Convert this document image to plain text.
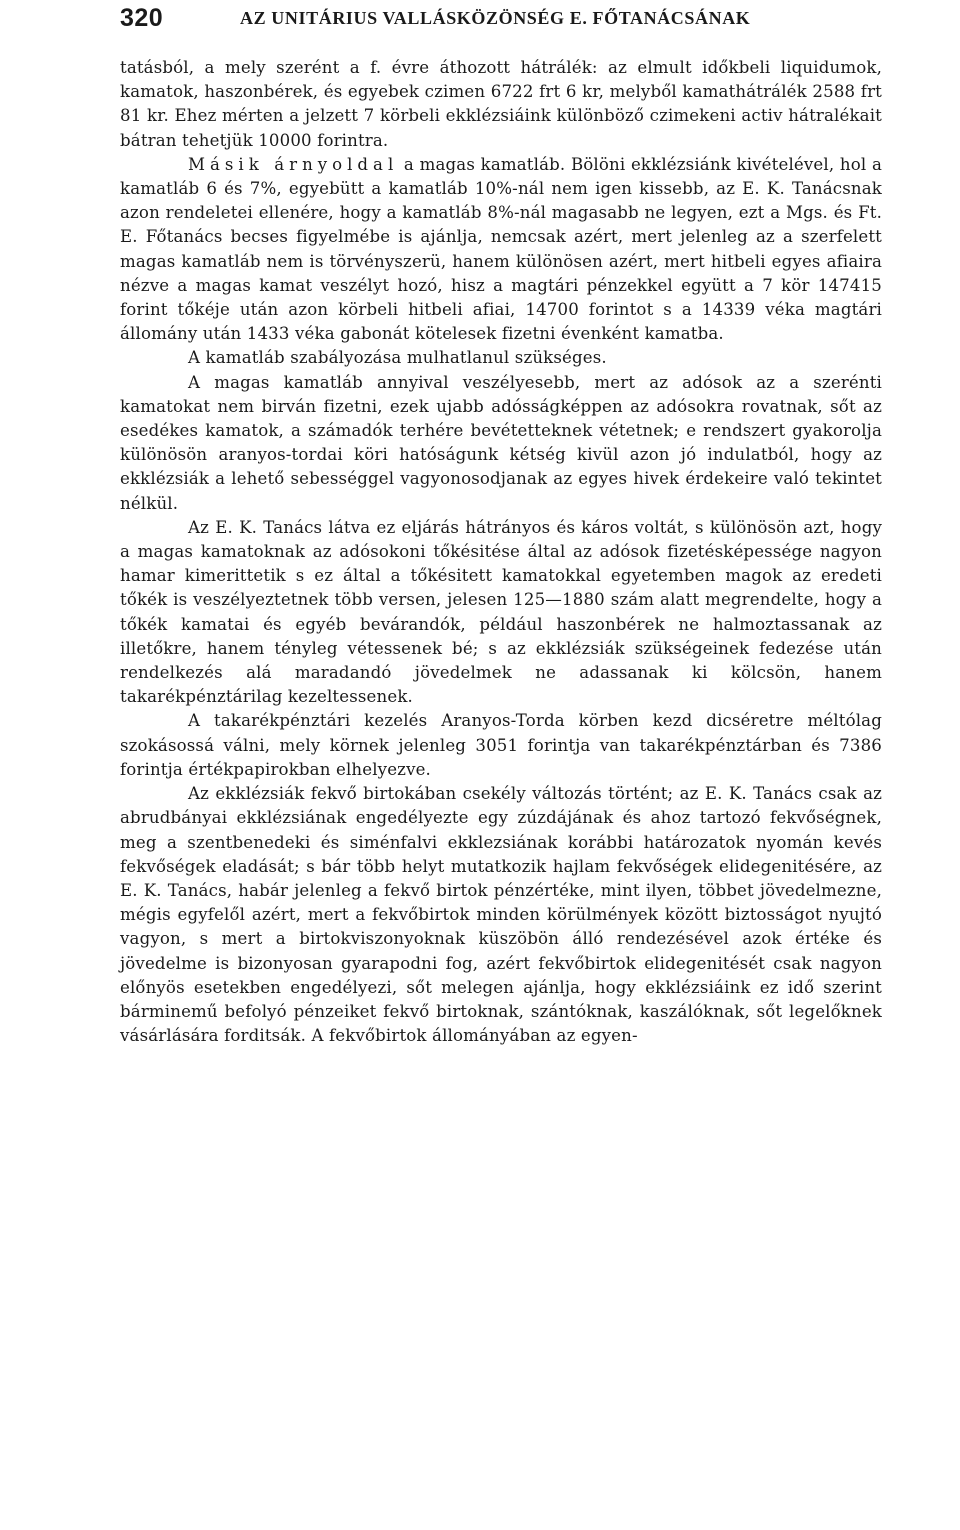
320	AZ UNITÁRIUS VALLÁSKÖZÖNSÉG E. FŐTANÁCSÁNAK

tatásból, a mely szerént a f. évre áthozott hátrálék: az elmult időkbeli liquidumok, kamatok, haszonbérek, és egyebek czimen 6722 frt 6 kr, melyből kamathátrálék 2588 frt 81 kr. Ehez mérten a jelzett 7 körbeli ekklézsiáink különböző czimekeni activ hátralékait bátran tehetjük 10000 forintra.

Másik árnyoldal a magas kamatláb. Bölöni ekklézsiánk kivételével, hol a kamatláb 6 és 7%, egyebütt a kamatláb 10%-nál nem igen kissebb, az E. K. Tanácsnak azon rendeletei ellenére, hogy a kamatláb 8%-nál magasabb ne legyen, ezt a Mgs. és Ft. E. Főtanács becses figyelmébe is ajánlja, nemcsak azért, mert jelenleg az a szerfelett magas kamatláb nem is törvényszerü, hanem különösen azért, mert hitbeli egyes afiaira nézve a magas kamat veszélyt hozó, hisz a magtári pénzekkel együtt a 7 kör 147415 forint tőkéje után azon körbeli hitbeli afiai, 14700 forintot s a 14339 véka magtári állomány után 1433 véka gabonát kötelesek fizetni évenként kamatba.

A kamatláb szabályozása mulhatlanul szükséges.

A magas kamatláb annyival veszélyesebb, mert az adósok az a szerénti kamatokat nem birván fizetni, ezek ujabb adósságképpen az adósokra rovatnak, sőt az esedékes kamatok, a számadók terhére bevétetteknek vétetnek; e rendszert gyakorolja különösön aranyos-tordai köri hatóságunk kétség kivül azon jó indulatból, hogy az ekklézsiák a lehető sebességgel vagyonosodjanak az egyes hivek érdekeire való tekintet nélkül.

Az E. K. Tanács látva ez eljárás hátrányos és káros voltát, s különösön azt, hogy a magas kamatoknak az adósokoni tőkésitése által az adósok fizetésképessége nagyon hamar kimerittetik s ez által a tőkésitett kamatokkal egyetemben magok az eredeti tőkék is veszélyeztetnek több versen, jelesen 125—1880 szám alatt megrendelte, hogy a tőkék kamatai és egyéb bevárandók, például haszonbérek ne halmoztassanak az illetőkre, hanem tényleg vétessenek bé; s az ekklézsiák szükségeinek fedezése után rendelkezés alá maradandó jövedelmek ne adassanak ki kölcsön, hanem takarékpénztárilag kezeltessenek.

A takarékpénztári kezelés Aranyos-Torda körben kezd dicséretre méltólag szokásossá válni, mely körnek jelenleg 3051 forintja van takarékpénztárban és 7386 forintja értékpapirokban elhelyezve.

Az ekklézsiák fekvő birtokában csekély változás történt; az E. K. Tanács csak az abrudbányai ekklézsiának engedélyezte egy zúzdájának és ahoz tartozó fekvőségnek, meg a szentbenedeki és siménfalvi ekklezsiának korábbi határozatok nyomán kevés fekvőségek eladását; s bár több helyt mutatkozik hajlam fekvőségek elidegenitésére, az E. K. Tanács, habár jelenleg a fekvő birtok pénzértéke, mint ilyen, többet jövedelmezne, mégis egyfelől azért, mert a fekvőbirtok minden körülmények között biztosságot nyujtó vagyon, s mert a birtokviszonyoknak küszöbön álló rendezésével azok értéke és jövedelme is bizonyosan gyarapodni fog, azért fekvőbirtok elidegenitését csak nagyon előnyös esetekben engedélyezi, sőt melegen ajánlja, hogy ekklézsiáink ez idő szerint bárminemű befolyó pénzeiket fekvő birtoknak, szántóknak, kaszálóknak, sőt legelőknek vásárlására forditsák. A fekvőbirtok állományában az egyen-
